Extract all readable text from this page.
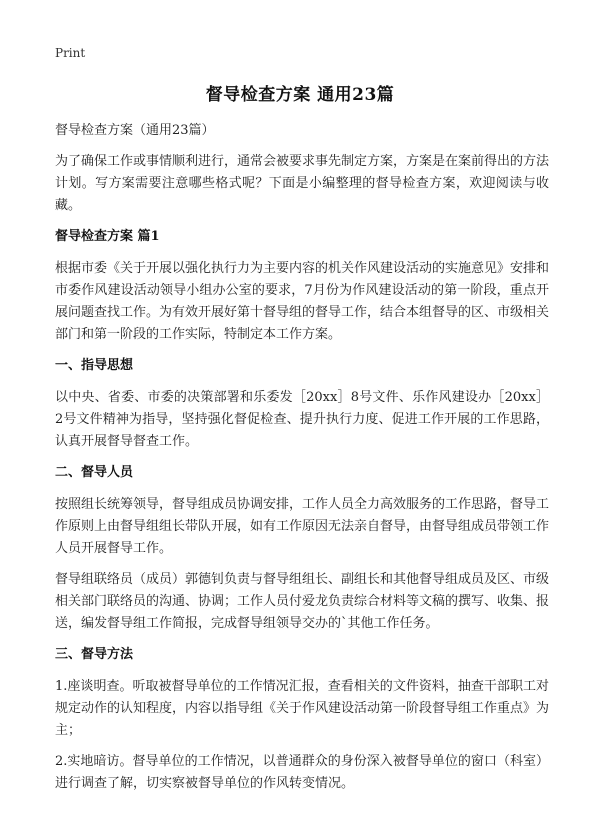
Print
督导检查方案 通用23篇

督导检查方案（通用23篇）

为了确保工作或事情顺利进行，通常会被要求事先制定方案，方案是在案前得出的方法计划。写方案需要注意哪些格式呢？下面是小编整理的督导检查方案，欢迎阅读与收藏。

督导检查方案 篇1

根据市委《关于开展以强化执行力为主要内容的机关作风建设活动的实施意见》安排和市委作风建设活动领导小组办公室的要求，7月份为作风建设活动的第一阶段，重点开展问题查找工作。为有效开展好第十督导组的督导工作，结合本组督导的区、市级相关部门和第一阶段的工作实际，特制定本工作方案。

一、指导思想

以中央、省委、市委的决策部署和乐委发［20xx］8号文件、乐作风建设办［20xx］2号文件精神为指导，坚持强化督促检查、提升执行力度、促进工作开展的工作思路，认真开展督导督查工作。

二、督导人员

按照组长统筹领导，督导组成员协调安排，工作人员全力高效服务的工作思路，督导工作原则上由督导组组长带队开展，如有工作原因无法亲自督导，由督导组成员带领工作人员开展督导工作。

督导组联络员（成员）郭德钊负责与督导组组长、副组长和其他督导组成员及区、市级相关部门联络员的沟通、协调；工作人员付爱龙负责综合材料等文稿的撰写、收集、报送，编发督导组工作简报，完成督导组领导交办的`其他工作任务。

三、督导方法

1.座谈明查。听取被督导单位的工作情况汇报，查看相关的文件资料，抽查干部职工对规定动作的认知程度，内容以指导组《关于作风建设活动第一阶段督导组工作重点》为主；

2.实地暗访。督导单位的工作情况，以普通群众的身份深入被督导单位的窗口（科室）进行调查了解，切实察被督导单位的作风转变情况。
